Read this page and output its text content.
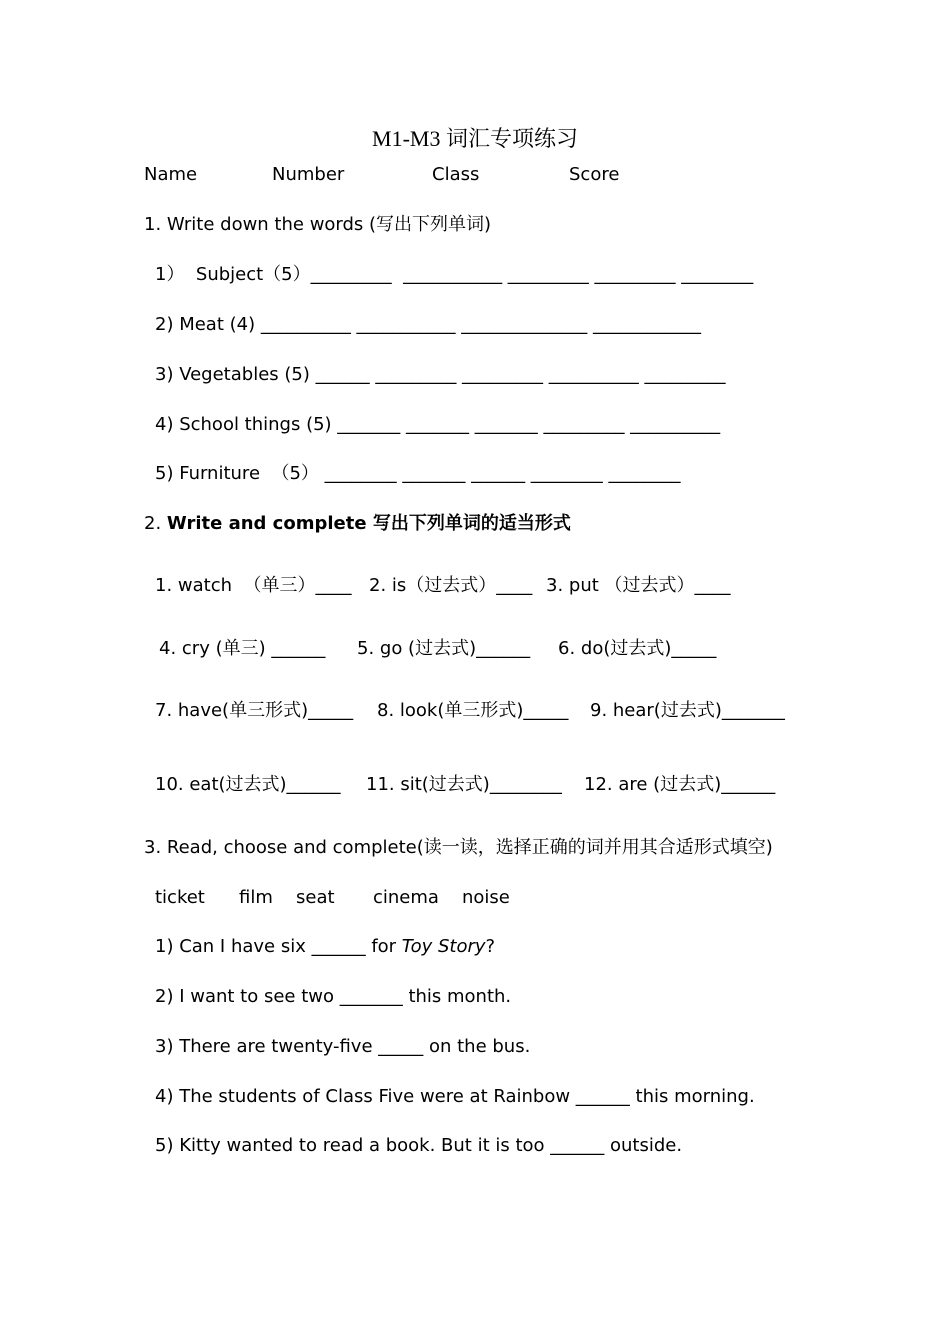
M1-M3 词汇专项练习
Name	Number	Class	Score
1. Write down the words (写出下列单词)
1）  Subject（5）_________  ___________ _________ _________ ________
2) Meat (4) __________ ___________ ______________ ____________
3) Vegetables (5) ______ _________ _________ __________ _________
4) School things (5) _______ _______ _______ _________ __________
5) Furniture  （5） ________ _______ ______ ________ ________
2. Write and complete 写出下列单词的适当形式
1. watch  （单三）____ 2. is（过去式）____ 3. put （过去式）____
4. cry (单三) ______ 5. go (过去式)______ 6. do(过去式)_____
7. have(单三形式)_____ 8. look(单三形式)_____ 9. hear(过去式)_______
10. eat(过去式)______ 11. sit(过去式)________ 12. are (过去式)______
3. Read, choose and complete(读一读，选择正确的词并用其合适形式填空)
ticket film seat cinema noise
1) Can I have six ______ for Toy Story?
2) I want to see two _______ this month.
3) There are twenty-five _____ on the bus.
4) The students of Class Five were at Rainbow ______ this morning.
5) Kitty wanted to read a book. But it is too ______ outside.
